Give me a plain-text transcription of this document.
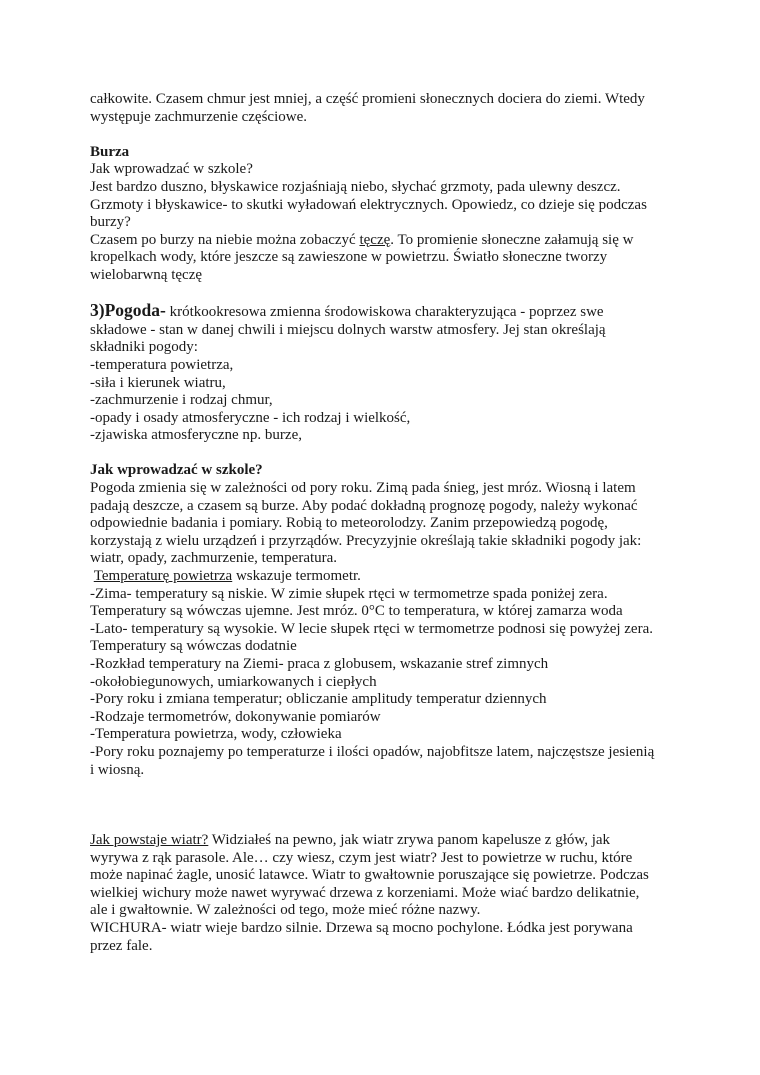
całkowite. Czasem chmur jest mniej, a część promieni słonecznych dociera do ziemi. Wtedy
występuje zachmurzenie częściowe.
Burza
Jak wprowadzać w szkole?
Jest bardzo duszno, błyskawice rozjaśniają niebo, słychać grzmoty, pada ulewny deszcz.
Grzmoty i błyskawice- to skutki wyładowań elektrycznych. Opowiedz, co dzieje się podczas
burzy?
Czasem po burzy na niebie można zobaczyć tęczę. To promienie słoneczne załamują się w
kropelkach wody, które jeszcze są zawieszone w powietrzu. Światło słoneczne tworzy
wielobarwną tęczę
3)Pogoda- krótkookresowa zmienna środowiskowa charakteryzująca - poprzez swe
składowe - stan w danej chwili i miejscu dolnych warstw atmosfery. Jej stan określają
składniki pogody:
-temperatura powietrza,
-siła i kierunek wiatru,
-zachmurzenie i rodzaj chmur,
-opady i osady atmosferyczne - ich rodzaj i wielkość,
-zjawiska atmosferyczne np. burze,
Jak wprowadzać w szkole?
Pogoda zmienia się w zależności od pory roku. Zimą pada śnieg, jest mróz. Wiosną i latem
padają deszcze, a czasem są burze. Aby podać dokładną prognozę pogody, należy wykonać
odpowiednie badania i pomiary. Robią to meteorolodzy. Zanim przepowiedzą pogodę,
korzystają z wielu urządzeń i przyrządów. Precyzyjnie określają takie składniki pogody jak:
wiatr, opady, zachmurzenie, temperatura.
Temperaturę powietrza wskazuje termometr.
-Zima- temperatury są niskie. W zimie słupek rtęci w termometrze spada poniżej zera.
Temperatury są wówczas ujemne. Jest mróz. 0°C to temperatura, w której zamarza woda
-Lato- temperatury są wysokie. W lecie słupek rtęci w termometrze podnosi się powyżej zera.
Temperatury są wówczas dodatnie
-Rozkład temperatury na Ziemi- praca z globusem, wskazanie stref zimnych
-okołobiegunowych, umiarkowanych i ciepłych
-Pory roku i zmiana temperatur; obliczanie amplitudy temperatur dziennych
-Rodzaje termometrów, dokonywanie pomiarów
-Temperatura powietrza, wody, człowieka
-Pory roku poznajemy po temperaturze i ilości opadów, najobfitsze latem, najczęstsze jesienią
i wiosną.
Jak powstaje wiatr? Widziałeś na pewno, jak wiatr zrywa panom kapelusze z głów, jak
wyrywa z rąk parasole. Ale… czy wiesz, czym jest wiatr? Jest to powietrze w ruchu, które
może napinać żagle, unosić latawce. Wiatr to gwałtownie poruszające się powietrze. Podczas
wielkiej wichury może nawet wyrywać drzewa z korzeniami. Może wiać bardzo delikatnie,
ale i gwałtownie. W zależności od tego, może mieć różne nazwy.
WICHURA- wiatr wieje bardzo silnie. Drzewa są mocno pochylone. Łódka jest porywana
przez fale.
